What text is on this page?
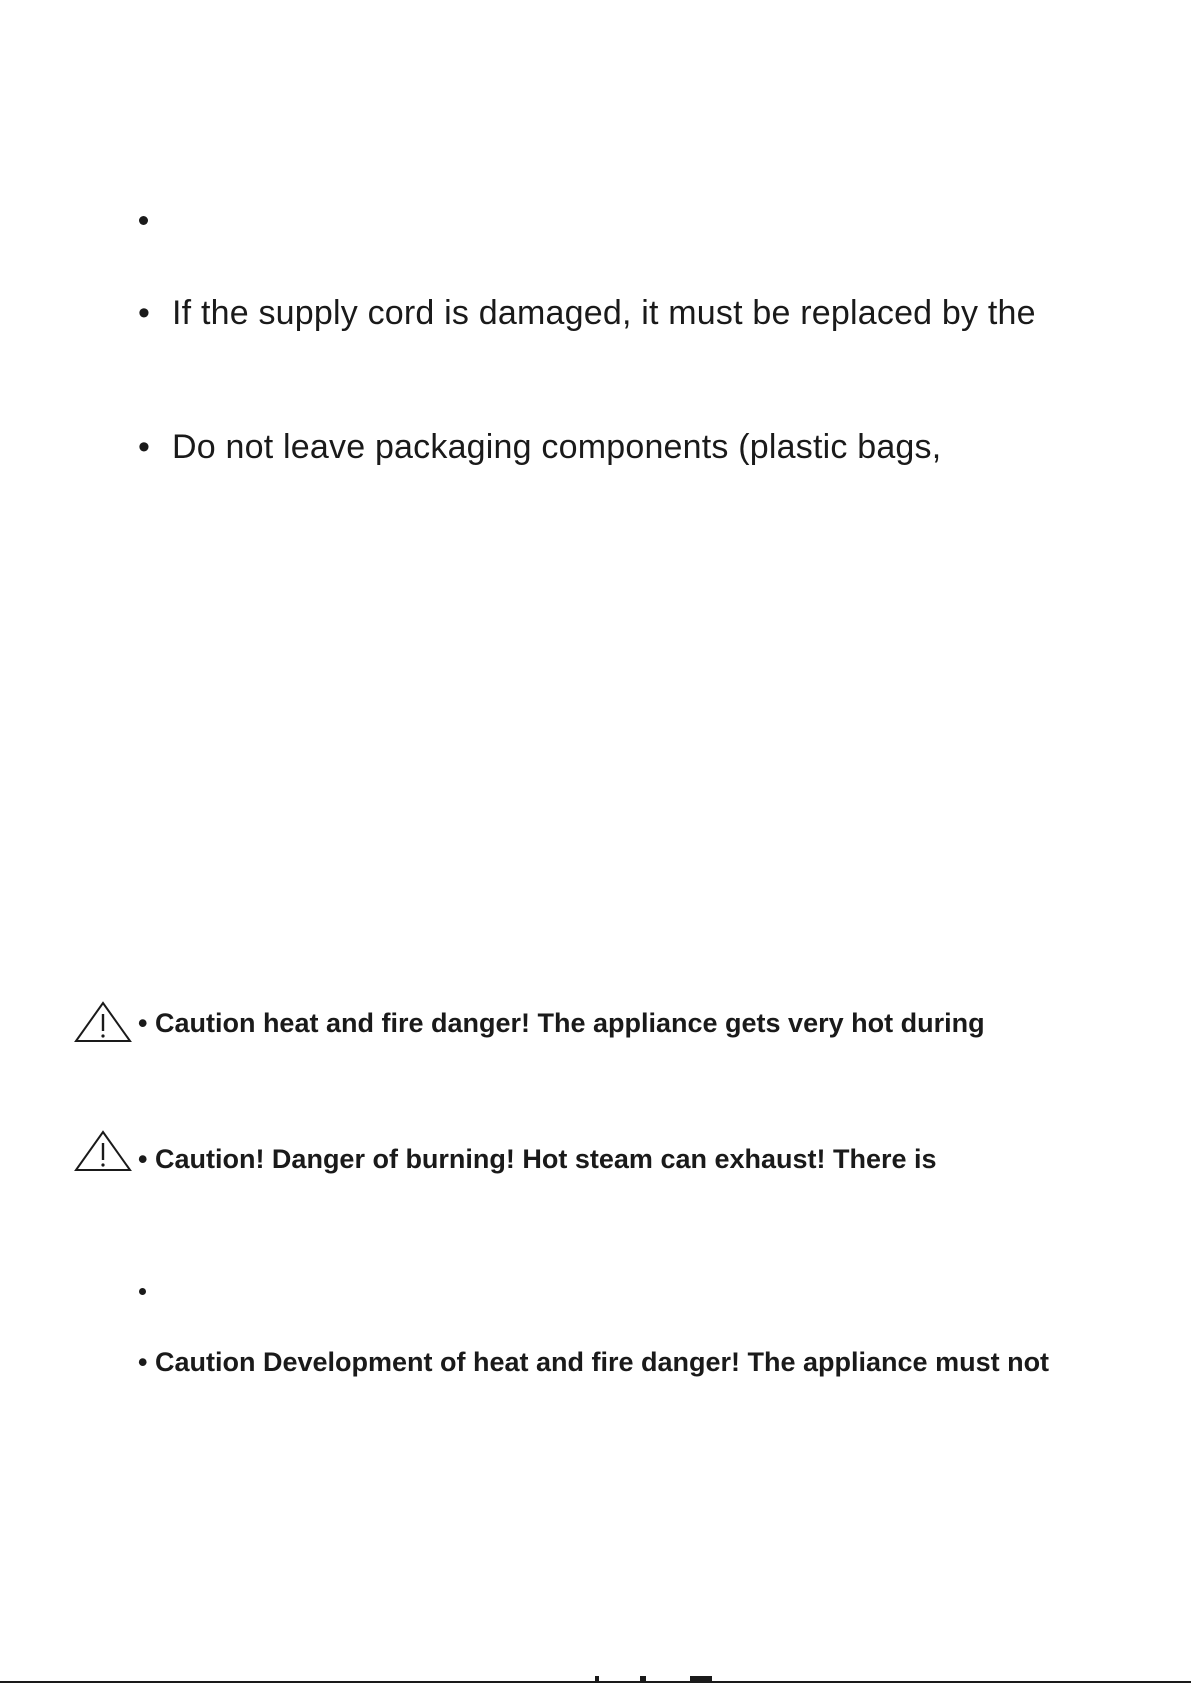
• If the supply cord is damaged, it must be replaced by the
• Do not leave packaging components (plastic bags,
• Caution heat and fire danger! The appliance gets very hot during
• Caution! Danger of burning! Hot steam can exhaust! There is
• Caution Development of heat and fire danger! The appliance must not
